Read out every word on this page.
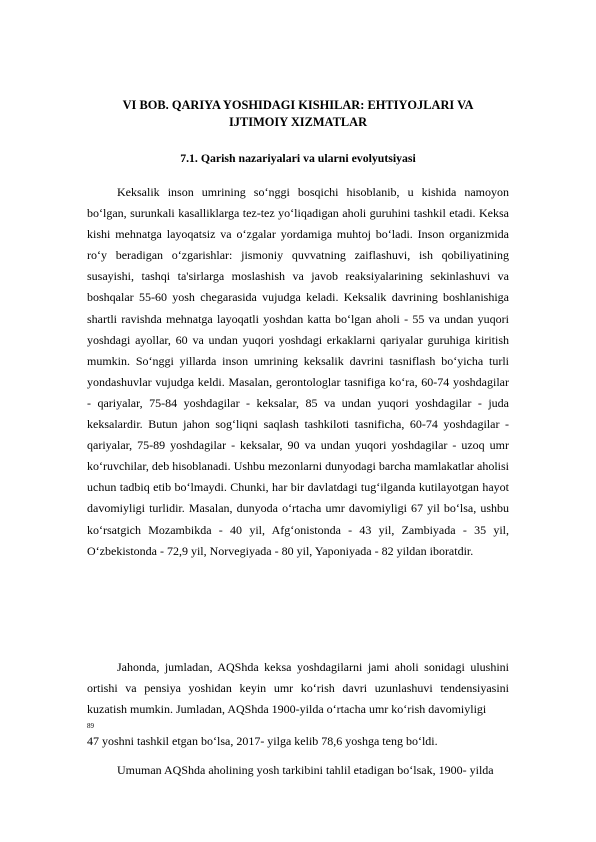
VI BOB. QARIYA YOSHIDAGI KISHILAR: EHTIYOJLARI VA
IJTIMOIY XIZMATLAR
7.1. Qarish nazariyalari va ularni evolyutsiyasi

Keksalik inson umrining so‘nggi bosqichi hisoblanib, u kishida namoyon bo‘lgan, surunkali kasalliklarga tez-tez yo‘liqadigan aholi guruhini tashkil etadi. Keksa kishi mehnatga layoqatsiz va o‘zgalar yordamiga muhtoj bo‘ladi. Inson organizmida ro‘y beradigan o‘zgarishlar: jismoniy quvvatning zaiflashuvi, ish qobiliyatining susayishi, tashqi ta'sirlarga moslashish va javob reaksiyalarining sekinlashuvi va boshqalar 55-60 yosh chegarasida vujudga keladi. Keksalik davrining boshlanishiga shartli ravishda mehnatga layoqatli yoshdan katta bo‘lgan aholi - 55 va undan yuqori yoshdagi ayollar, 60 va undan yuqori yoshdagi erkaklarni qariyalar guruhiga kiritish mumkin. So‘nggi yillarda inson umrining keksalik davrini tasniflash bo‘yicha turli yondashuvlar vujudga keldi. Masalan, gerontologlar tasnifiga ko‘ra, 60-74 yoshdagilar - qariyalar, 75-84 yoshdagilar - keksalar, 85 va undan yuqori yoshdagilar - juda keksalardir. Butun jahon sog‘liqni saqlash tashkiloti tasnificha, 60-74 yoshdagilar - qariyalar, 75-89 yoshdagilar - keksalar, 90 va undan yuqori yoshdagilar - uzoq umr ko‘ruvchilar, deb hisoblanadi. Ushbu mezonlarni dunyodagi barcha mamlakatlar aholisi uchun tadbiq etib bo‘lmaydi. Chunki, har bir davlatdagi tug‘ilganda kutilayotgan hayot davomiyligi turlidir. Masalan, dunyoda o‘rtacha umr davomiyligi 67 yil bo‘lsa, ushbu ko‘rsatgich Mozambikda - 40 yil, Afg‘onistonda - 43 yil, Zambiyada - 35 yil, O‘zbekistonda - 72,9 yil, Norvegiyada - 80 yil, Yaponiyada - 82 yildan iboratdir.

Jahonda, jumladan, AQShda keksa yoshdagilarni jami aholi sonidagi ulushini ortishi va pensiya yoshidan keyin umr ko‘rish davri uzunlashuvi tendensiyasini kuzatish mumkin. Jumladan, AQShda 1900-yilda o‘rtacha umr ko‘rish davomiyligi

89
47 yoshni tashkil etgan bo‘lsa, 2017- yilga kelib 78,6 yoshga teng bo‘ldi.
Umuman AQShda aholining yosh tarkibini tahlil etadigan bo‘lsak, 1900- yilda
